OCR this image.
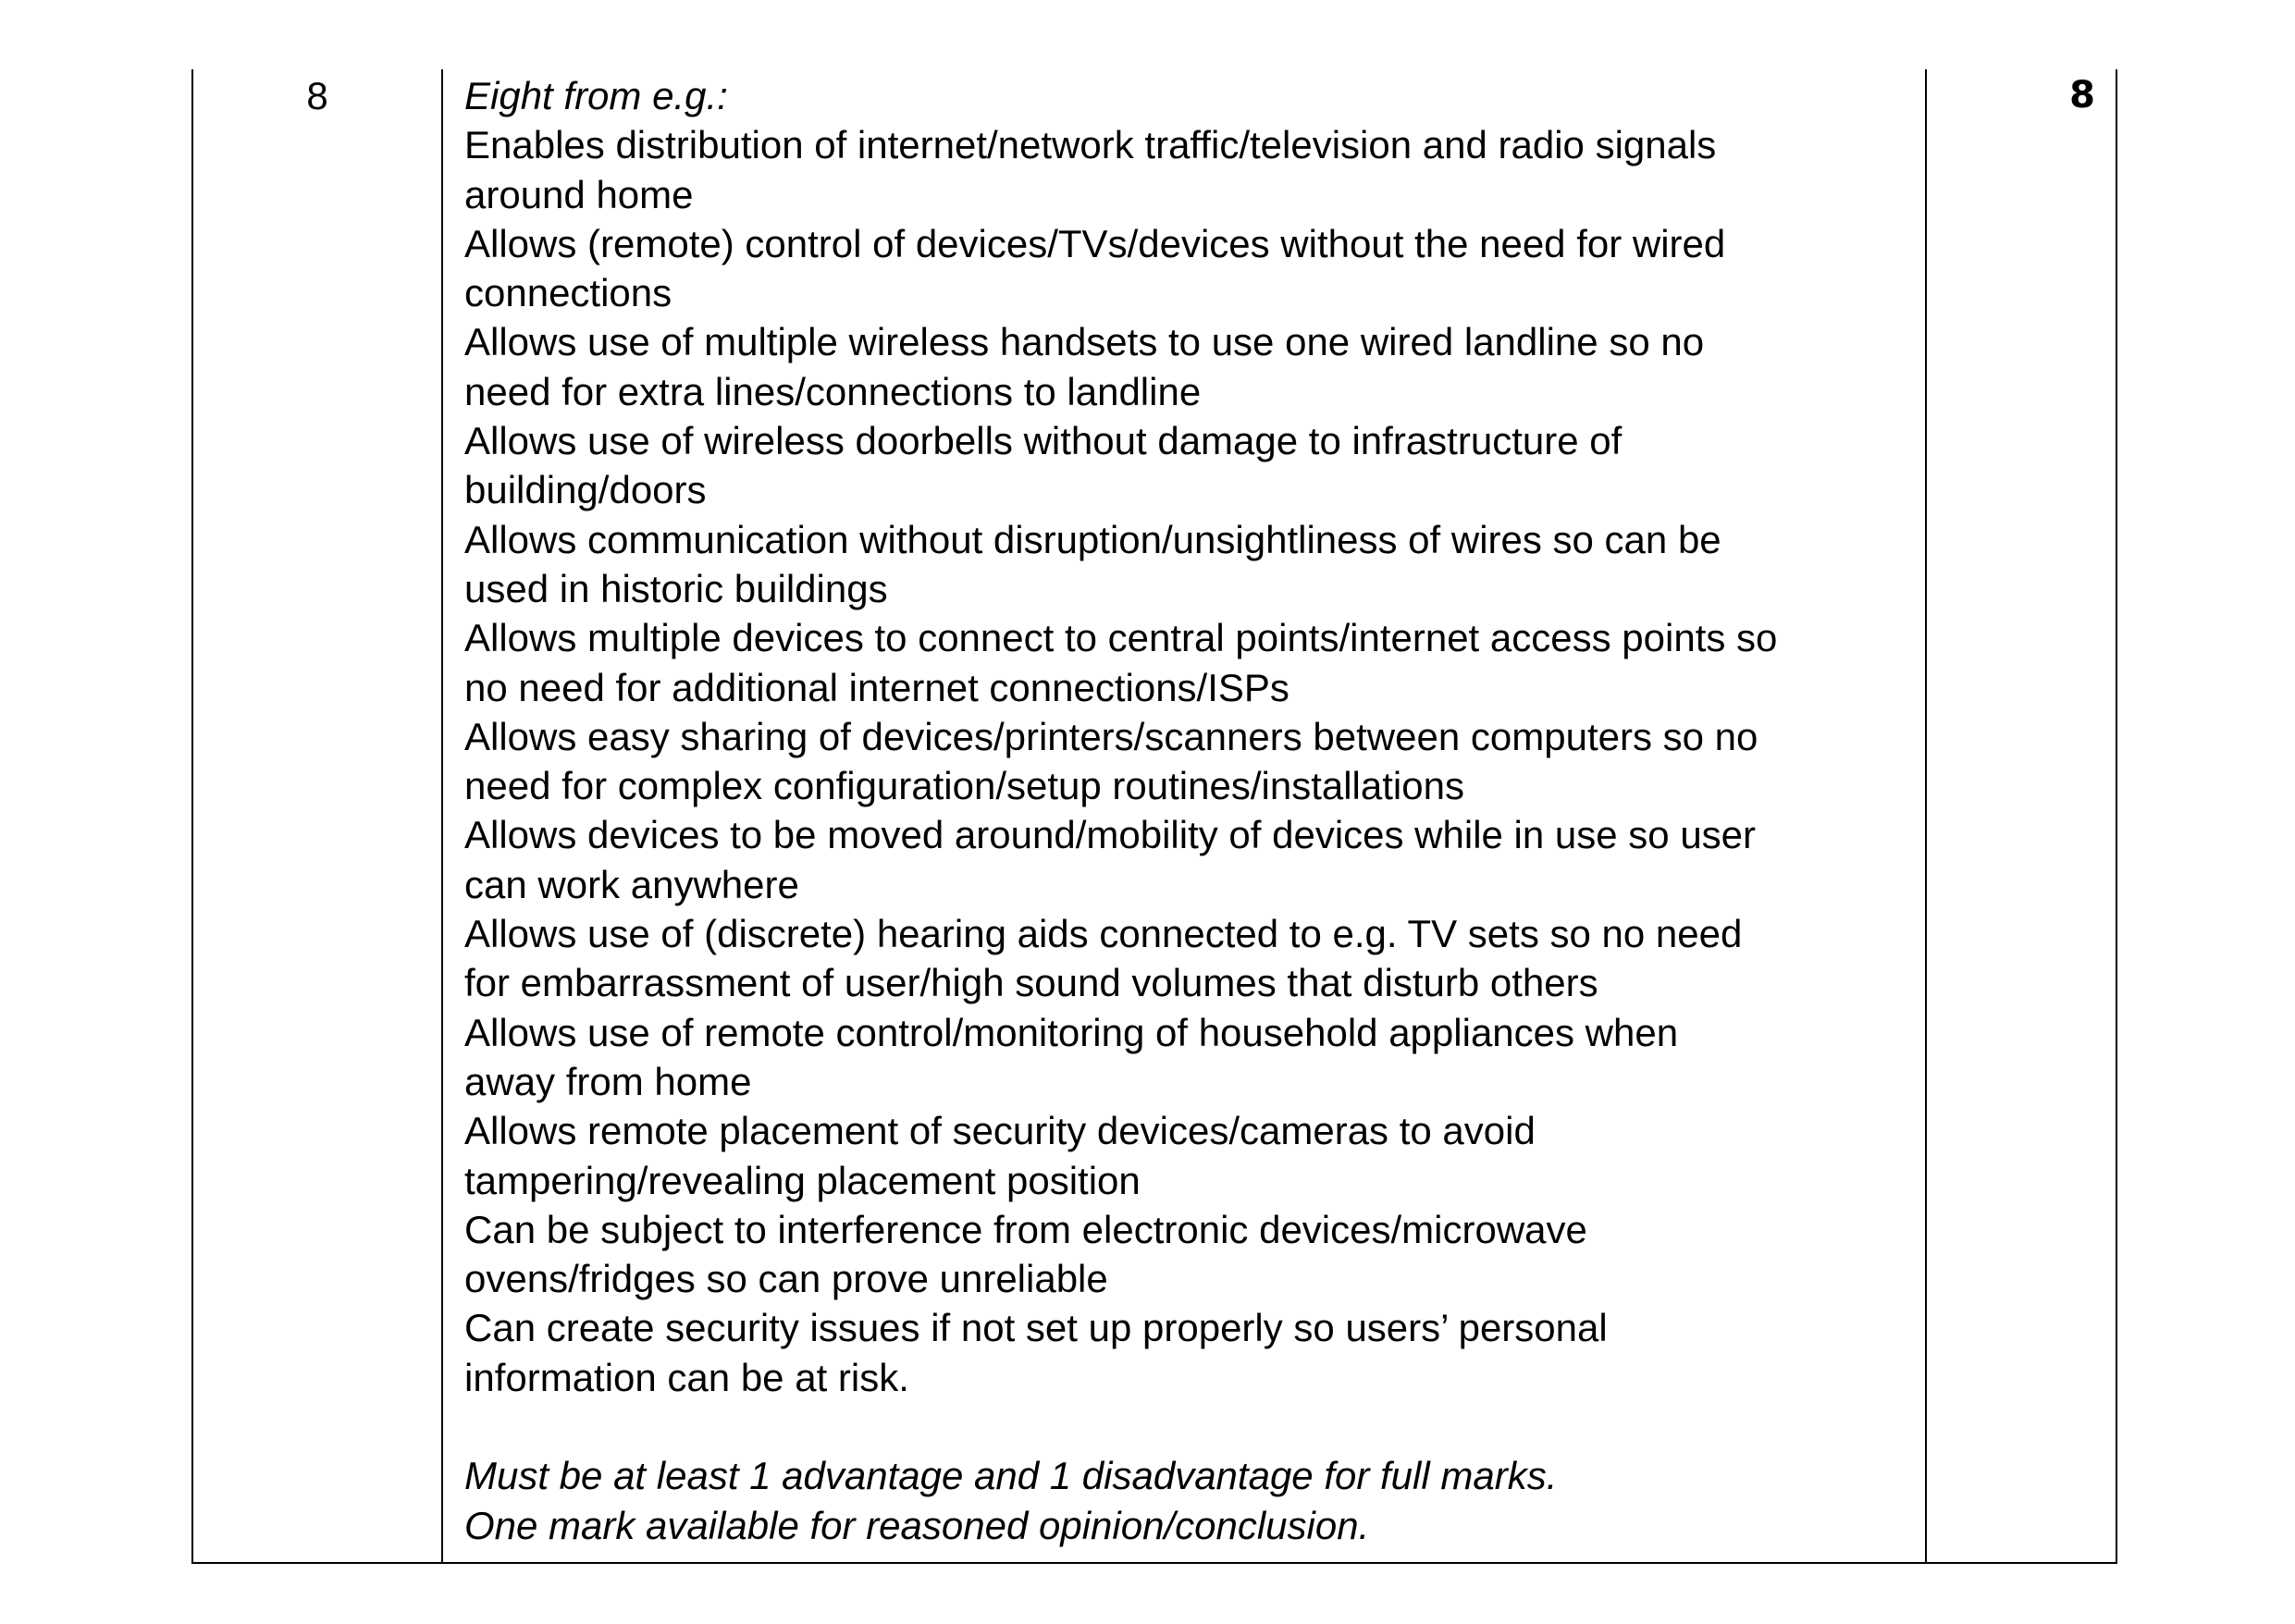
8	Eight from e.g.:
Enables distribution of internet/network traffic/television and radio signals
around home
Allows (remote) control of devices/TVs/devices without the need for wired
connections
Allows use of multiple wireless handsets to use one wired landline so no
need for extra lines/connections to landline
Allows use of wireless doorbells without damage to infrastructure of
building/doors
Allows communication without disruption/unsightliness of wires so can be
used in historic buildings
Allows multiple devices to connect to central points/internet access points so
no need for additional internet connections/ISPs
Allows easy sharing of devices/printers/scanners between computers so no
need for complex configuration/setup routines/installations
Allows devices to be moved around/mobility of devices while in use so user
can work anywhere
Allows use of (discrete) hearing aids connected to e.g. TV sets so no need
for embarrassment of user/high sound volumes that disturb others
Allows use of remote control/monitoring of household appliances when
away from home
Allows remote placement of security devices/cameras to avoid
tampering/revealing placement position
Can be subject to interference from electronic devices/microwave
ovens/fridges so can prove unreliable
Can create security issues if not set up properly so users’ personal
information can be at risk.
Must be at least 1 advantage and 1 disadvantage for full marks.
One mark available for reasoned opinion/conclusion.
8
